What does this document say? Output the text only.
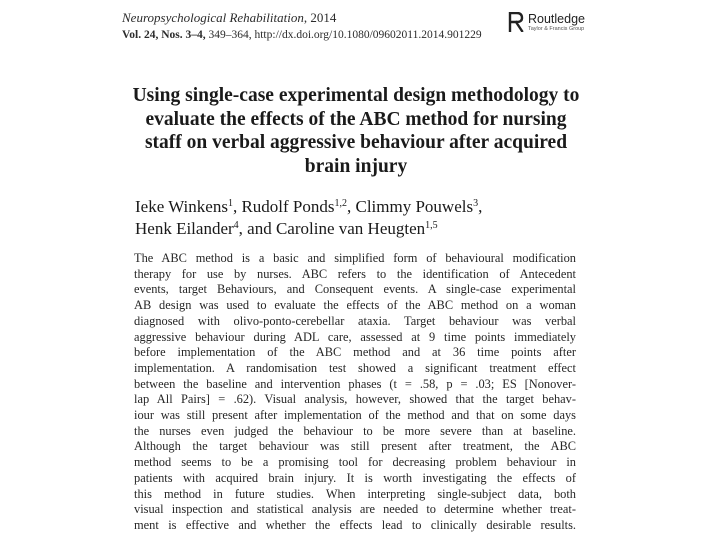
Neuropsychological Rehabilitation, 2014
Vol. 24, Nos. 3–4, 349–364, http://dx.doi.org/10.1080/09602011.2014.901229
Routledge
Taylor & Francis Group
Using single-case experimental design methodology to
evaluate the effects of the ABC method for nursing
staff on verbal aggressive behaviour after acquired
brain injury
Ieke Winkens$^1$, Rudolf Ponds$^{1,2}$, Climmy Pouwels$^3$,
Henk Eilander$^4$, and Caroline van Heugten$^{1,5}$
The ABC method is a basic and simplified form of behavioural modification
therapy for use by nurses. ABC refers to the identification of Antecedent
events, target Behaviours, and Consequent events. A single-case experimental
AB design was used to evaluate the effects of the ABC method on a woman
diagnosed with olivo-ponto-cerebellar ataxia. Target behaviour was verbal
aggressive behaviour during ADL care, assessed at 9 time points immediately
before implementation of the ABC method and at 36 time points after
implementation. A randomisation test showed a significant treatment effect
between the baseline and intervention phases (t = .58, p = .03; ES [Nonover-
lap All Pairs] = .62). Visual analysis, however, showed that the target behav-
iour was still present after implementation of the method and that on some days
the nurses even judged the behaviour to be more severe than at baseline.
Although the target behaviour was still present after treatment, the ABC
method seems to be a promising tool for decreasing problem behaviour in
patients with acquired brain injury. It is worth investigating the effects of
this method in future studies. When interpreting single-subject data, both
visual inspection and statistical analysis are needed to determine whether treat-
ment is effective and whether the effects lead to clinically desirable results.
